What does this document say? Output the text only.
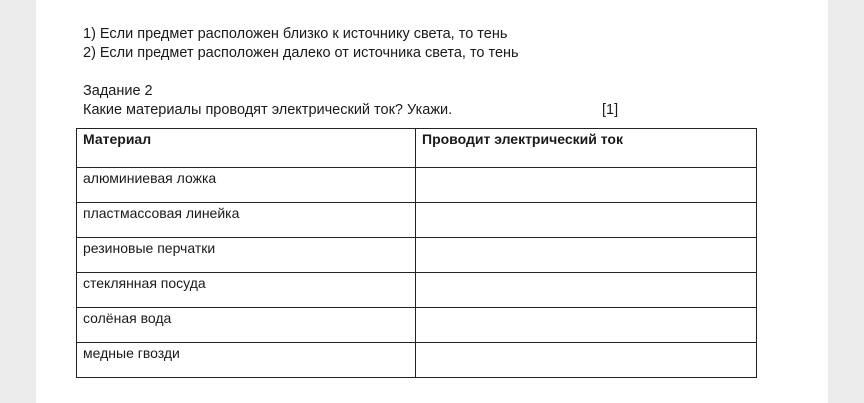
1) Если предмет расположен близко к источнику света, то тень
2) Если предмет расположен далеко от источника света, то тень
Задание 2
Какие материалы проводят электрический ток? Укажи.	[1]
Материал	Проводит электрический ток
алюминиевая ложка	
пластмассовая линейка	
резиновые перчатки	
стеклянная посуда	
солёная вода	
медные гвозди	
